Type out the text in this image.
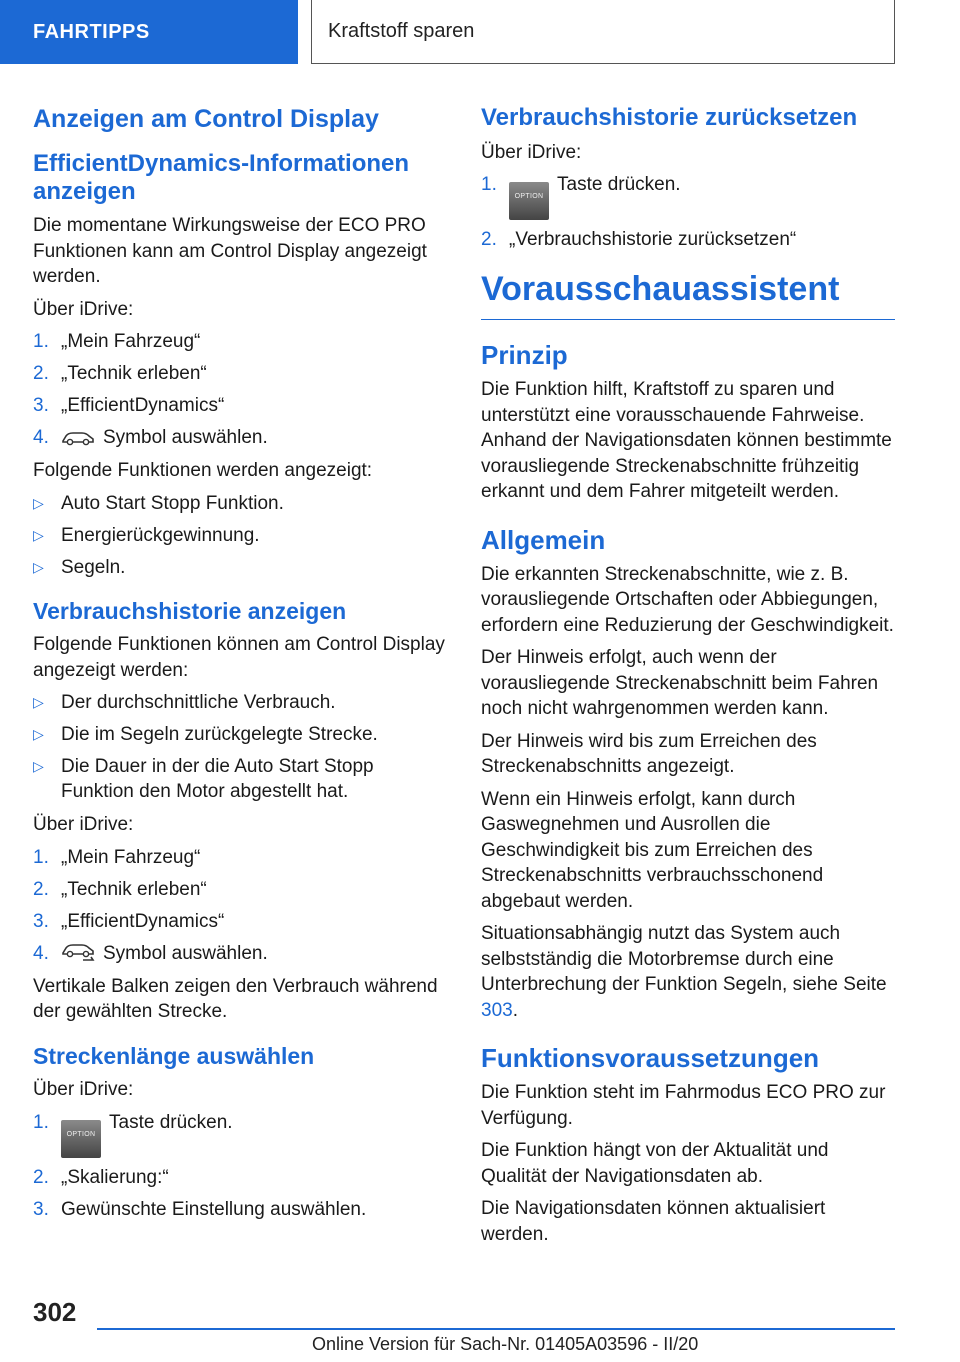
FAHRTIPPS	Kraftstoff sparen
Anzeigen am Control Display
EfficientDynamics-Informationen anzeigen

Die momentane Wirkungsweise der ECO PRO Funktionen kann am Control Display angezeigt werden.

Über iDrive:

1. „Mein Fahrzeug“
2. „Technik erleben“
3. „EfficientDynamics“
4.	Symbol auswählen.

Folgende Funktionen werden angezeigt:

▷ Auto Start Stopp Funktion.
▷ Energierückgewinnung.
▷ Segeln.
Verbrauchshistorie anzeigen

Folgende Funktionen können am Control Display angezeigt werden:

▷ Der durchschnittliche Verbrauch.
▷ Die im Segeln zurückgelegte Strecke.
▷ Die Dauer in der die Auto Start Stopp Funktion den Motor abgestellt hat.

Über iDrive:

1. „Mein Fahrzeug“
2. „Technik erleben“
3. „EfficientDynamics“
4.	Symbol auswählen.

Vertikale Balken zeigen den Verbrauch während der gewählten Strecke.

Streckenlänge auswählen

Über iDrive:

1.
OPTIONTaste drücken.
2. „Skalierung:“
3. Gewünschte Einstellung auswählen.
Verbrauchshistorie zurücksetzen

Über iDrive:

1.
OPTIONTaste drücken.
2. „Verbrauchshistorie zurücksetzen“
Vorausschauassistent
Prinzip

Die Funktion hilft, Kraftstoff zu sparen und unterstützt eine vorausschauende Fahrweise. Anhand der Navigationsdaten können bestimmte vorausliegende Streckenabschnitte frühzeitig erkannt und dem Fahrer mitgeteilt werden.

Allgemein

Die erkannten Streckenabschnitte, wie z. B. vorausliegende Ortschaften oder Abbiegungen, erfordern eine Reduzierung der Geschwindigkeit.

Der Hinweis erfolgt, auch wenn der vorausliegende Streckenabschnitt beim Fahren noch nicht wahrgenommen werden kann.

Der Hinweis wird bis zum Erreichen des Streckenabschnitts angezeigt.

Wenn ein Hinweis erfolgt, kann durch Gaswegnehmen und Ausrollen die Geschwindigkeit bis zum Erreichen des Streckenabschnitts verbrauchsschonend abgebaut werden.

Situationsabhängig nutzt das System auch selbstständig die Motorbremse durch eine Unterbrechung der Funktion Segeln, siehe Seite 303.

Funktionsvoraussetzungen

Die Funktion steht im Fahrmodus ECO PRO zur Verfügung.

Die Funktion hängt von der Aktualität und Qualität der Navigationsdaten ab.

Die Navigationsdaten können aktualisiert werden.

302
Online Version für Sach-Nr. 01405A03596 - II/20
